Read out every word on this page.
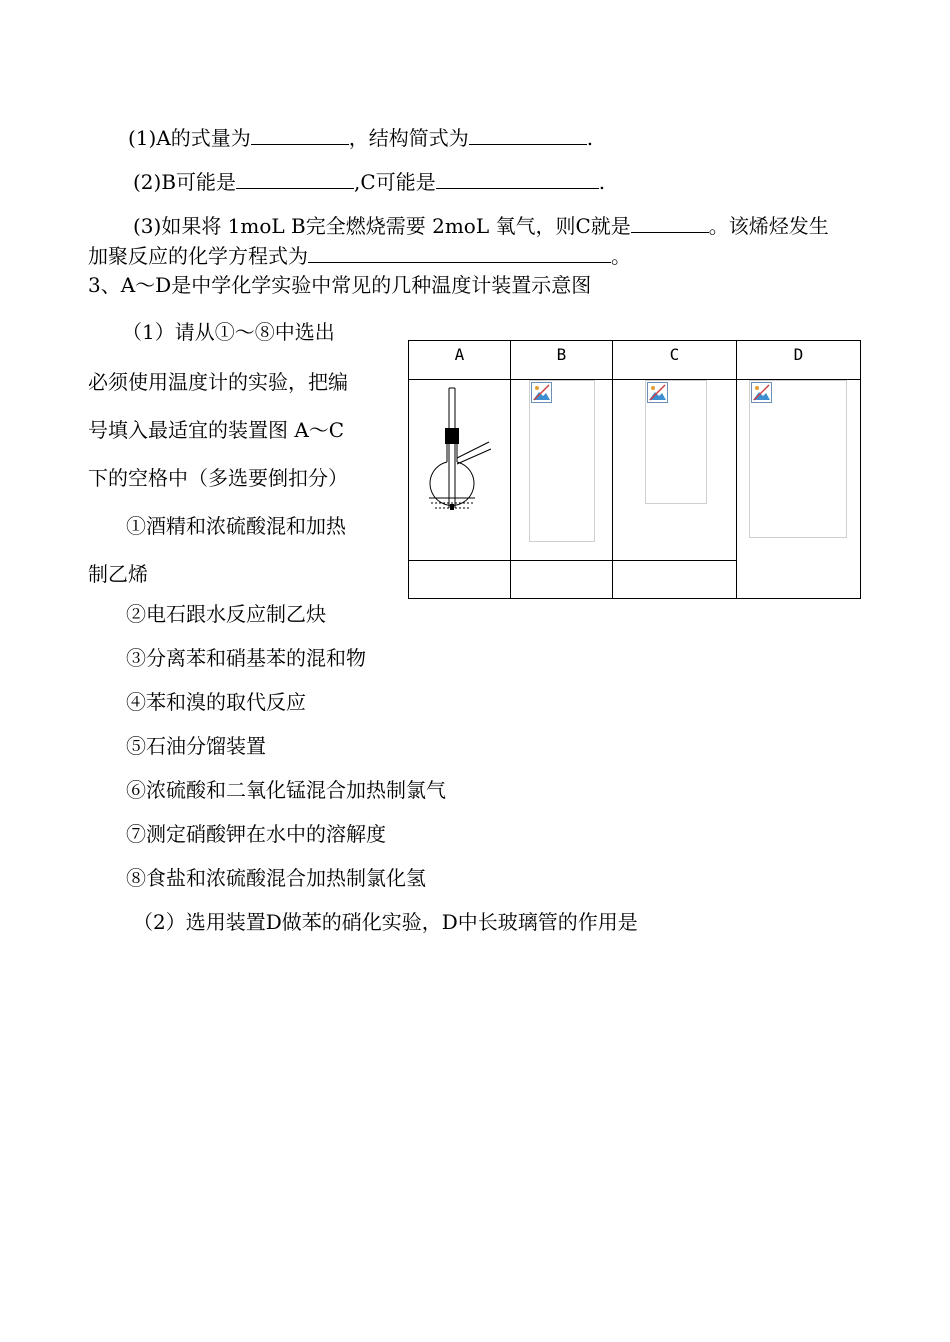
(1)A的式量为	，结构简式为	.
(2)B可能是	,C可能是	.
(3)如果将 1moL B完全燃烧需要 2moL 氧气，则C就是	。该烯烃发生
加聚反应的化学方程式为	。
3、A～D是中学化学实验中常见的几种温度计装置示意图
（1）请从①～⑧中选出
必须使用温度计的实验，把编
号填入最适宜的装置图 A～C
下的空格中（多选要倒扣分）
①酒精和浓硫酸混和加热
制乙烯
②电石跟水反应制乙炔
③分离苯和硝基苯的混和物
④苯和溴的取代反应
⑤石油分馏装置
⑥浓硫酸和二氧化锰混合加热制氯气
⑦测定硝酸钾在水中的溶解度
⑧食盐和浓硫酸混合加热制氯化氢
（2）选用装置D做苯的硝化实验，D中长玻璃管的作用是
A	B	C	D
